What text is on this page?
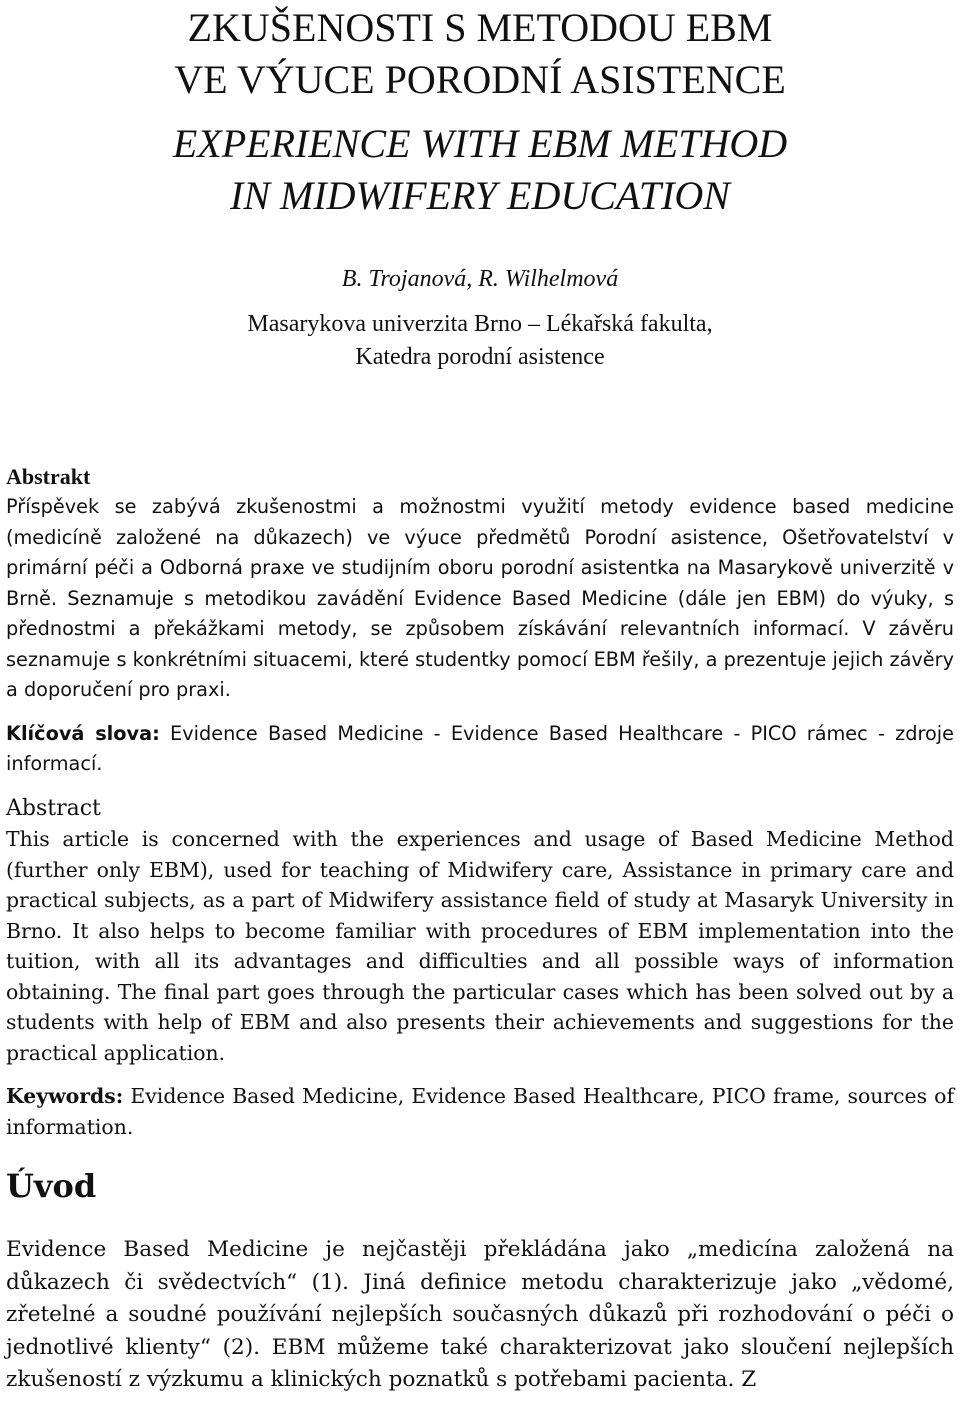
ZKUŠENOSTI S METODOU EBM
VE VÝUCE PORODNÍ ASISTENCE
EXPERIENCE WITH EBM METHOD
IN MIDWIFERY EDUCATION

B. Trojanová, R. Wilhelmová

Masarykova univerzita Brno – Lékařská fakulta,
Katedra porodní asistence

Abstrakt

Příspěvek se zabývá zkušenostmi a možnostmi využití metody evidence based medicine (medicíně založené na důkazech) ve výuce předmětů Porodní asistence, Ošetřovatelství v primární péči a Odborná praxe ve studijním oboru porodní asistentka na Masarykově univerzitě v Brně. Seznamuje s metodikou zavádění Evidence Based Medicine (dále jen EBM) do výuky, s přednostmi a překážkami metody, se způsobem získávání relevantních informací. V závěru seznamuje s konkrétními situacemi, které studentky pomocí EBM řešily, a prezentuje jejich závěry a doporučení pro praxi.

Klíčová slova: Evidence Based Medicine - Evidence Based Healthcare - PICO rámec - zdroje informací.

Abstract

This article is concerned with the experiences and usage of Based Medicine Method (further only EBM), used for teaching of Midwifery care, Assistance in primary care and practical subjects, as a part of Midwifery assistance field of study at Masaryk University in Brno. It also helps to become familiar with procedures of EBM implementation into the tuition, with all its advantages and difficulties and all possible ways of information obtaining. The final part goes through the particular cases which has been solved out by a students with help of EBM and also presents their achievements and suggestions for the practical application.

Keywords: Evidence Based Medicine, Evidence Based Healthcare, PICO frame, sources of information.

Úvod

Evidence Based Medicine je nejčastěji překládána jako „medicína založená na důkazech či svědectvích“ (1). Jiná definice metodu charakterizuje jako „vědomé, zřetelné a soudné používání nejlepších současných důkazů při rozhodování o péči o jednotlivé klienty“ (2). EBM můžeme také charakterizovat jako sloučení nejlepších zkušeností z výzkumu a klinických poznatků s potřebami pacienta. Z
